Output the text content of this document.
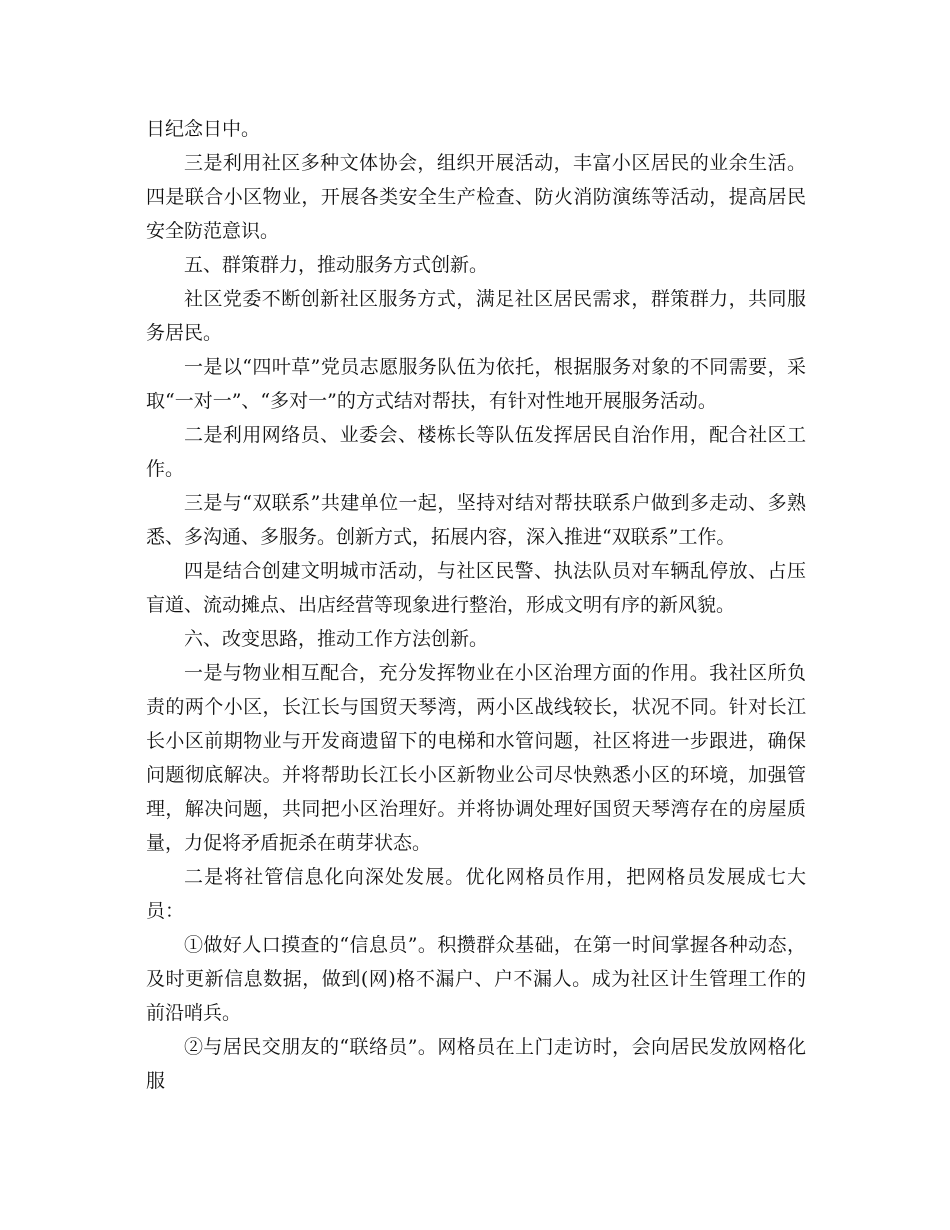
日纪念日中。

三是利用社区多种文体协会，组织开展活动，丰富小区居民的业余生活。四是联合小区物业，开展各类安全生产检查、防火消防演练等活动，提高居民安全防范意识。

五、群策群力，推动服务方式创新。

社区党委不断创新社区服务方式，满足社区居民需求，群策群力，共同服务居民。

一是以“四叶草”党员志愿服务队伍为依托，根据服务对象的不同需要，采取“一对一”、“多对一”的方式结对帮扶，有针对性地开展服务活动。

二是利用网络员、业委会、楼栋长等队伍发挥居民自治作用，配合社区工作。

三是与“双联系”共建单位一起，坚持对结对帮扶联系户做到多走动、多熟悉、多沟通、多服务。创新方式，拓展内容，深入推进“双联系”工作。

四是结合创建文明城市活动，与社区民警、执法队员对车辆乱停放、占压盲道、流动摊点、出店经营等现象进行整治，形成文明有序的新风貌。

六、改变思路，推动工作方法创新。

一是与物业相互配合，充分发挥物业在小区治理方面的作用。我社区所负责的两个小区，长江长与国贸天琴湾，两小区战线较长，状况不同。针对长江长小区前期物业与开发商遗留下的电梯和水管问题，社区将进一步跟进，确保问题彻底解决。并将帮助长江长小区新物业公司尽快熟悉小区的环境，加强管理，解决问题，共同把小区治理好。并将协调处理好国贸天琴湾存在的房屋质量，力促将矛盾扼杀在萌芽状态。

二是将社管信息化向深处发展。优化网格员作用，把网格员发展成七大员：

①做好人口摸查的“信息员”。积攒群众基础，在第一时间掌握各种动态，及时更新信息数据，做到(网)格不漏户、户不漏人。成为社区计生管理工作的前沿哨兵。

②与居民交朋友的“联络员”。网格员在上门走访时，会向居民发放网格化服
